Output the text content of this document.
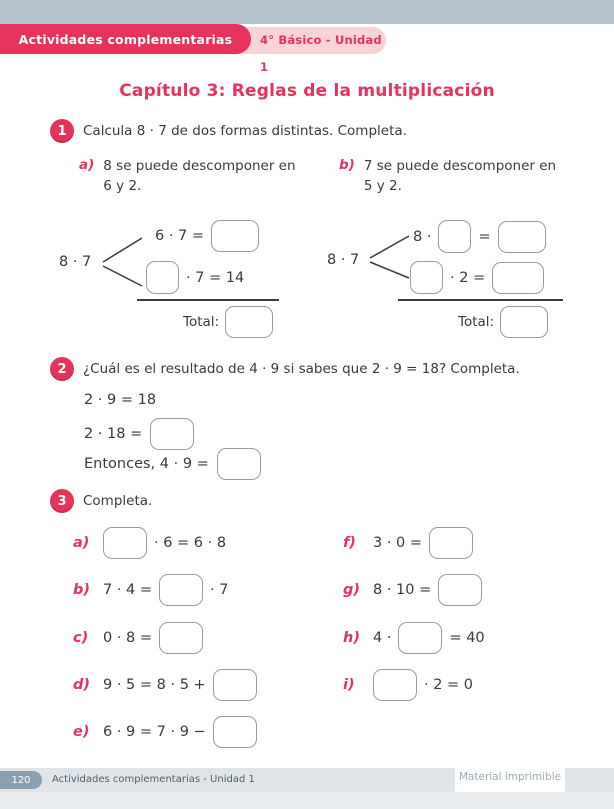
4° Básico - Unidad 1
Actividades complementarias
Capítulo 3: Reglas de la multiplicación
1	Calcula 8 · 7 de dos formas distintas. Completa.
a) 8 se puede descomponer en
6 y 2.
b) 7 se puede descomponer en
5 y 2.
8 · 7
6 · 7 =
· 7 = 14
Total:
8 · 7
8 ·	=
· 2 =
Total:
2	¿Cuál es el resultado de 4 · 9 si sabes que 2 · 9 = 18? Completa.
2 · 9 = 18
2 · 18 =
Entonces, 4 · 9 =
3	Completa.
a)	· 6 = 6 · 8
b) 7 · 4 =	· 7
c)	0 · 8 =
d) 9 · 5 = 8 · 5 +
e) 6 · 9 = 7 · 9 −
f)	3 · 0 =
g) 8 · 10 =
h) 4 ·	= 40
i)	· 2 = 0
120	Actividades complementarias - Unidad 1	Material imprimible
